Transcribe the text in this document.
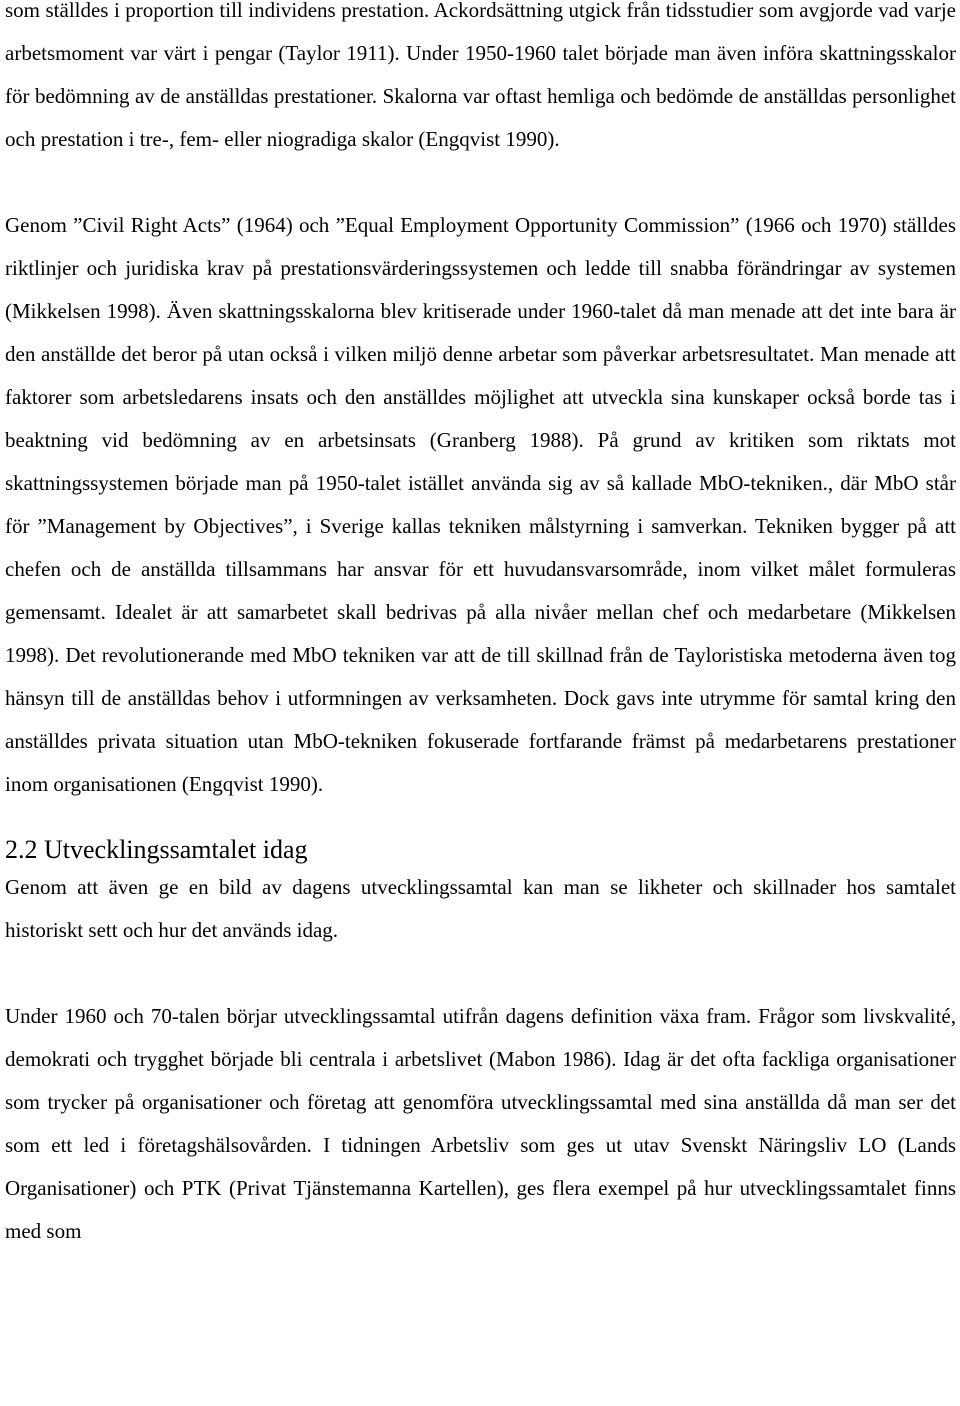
som ställdes i proportion till individens prestation. Ackordsättning utgick från tidsstudier som avgjorde vad varje arbetsmoment var värt i pengar (Taylor 1911). Under 1950-1960 talet började man även införa skattningsskalor för bedömning av de anställdas prestationer. Skalorna var oftast hemliga och bedömde de anställdas personlighet och prestation i tre-, fem- eller niogradiga skalor (Engqvist 1990).

Genom ”Civil Right Acts” (1964) och ”Equal Employment Opportunity Commission” (1966 och 1970) ställdes riktlinjer och juridiska krav på prestationsvärderingssystemen och ledde till snabba förändringar av systemen (Mikkelsen 1998). Även skattningsskalorna blev kritiserade under 1960-talet då man menade att det inte bara är den anställde det beror på utan också i vilken miljö denne arbetar som påverkar arbetsresultatet. Man menade att faktorer som arbetsledarens insats och den anställdes möjlighet att utveckla sina kunskaper också borde tas i beaktning vid bedömning av en arbetsinsats (Granberg 1988). På grund av kritiken som riktats mot skattningssystemen började man på 1950-talet istället använda sig av så kallade MbO-tekniken., där MbO står för ”Management by Objectives”, i Sverige kallas tekniken målstyrning i samverkan. Tekniken bygger på att chefen och de anställda tillsammans har ansvar för ett huvudansvarsområde, inom vilket målet formuleras gemensamt. Idealet är att samarbetet skall bedrivas på alla nivåer mellan chef och medarbetare (Mikkelsen 1998). Det revolutionerande med MbO tekniken var att de till skillnad från de Tayloristiska metoderna även tog hänsyn till de anställdas behov i utformningen av verksamheten. Dock gavs inte utrymme för samtal kring den anställdes privata situation utan MbO-tekniken fokuserade fortfarande främst på medarbetarens prestationer inom organisationen (Engqvist 1990).

2.2 Utvecklingssamtalet idag

Genom att även ge en bild av dagens utvecklingssamtal kan man se likheter och skillnader hos samtalet historiskt sett och hur det används idag.

Under 1960 och 70-talen börjar utvecklingssamtal utifrån dagens definition växa fram. Frågor som livskvalité, demokrati och trygghet började bli centrala i arbetslivet (Mabon 1986). Idag är det ofta fackliga organisationer som trycker på organisationer och företag att genomföra utvecklingssamtal med sina anställda då man ser det som ett led i företagshälsovården. I tidningen Arbetsliv som ges ut utav Svenskt Näringsliv LO (Lands Organisationer) och PTK (Privat Tjänstemanna Kartellen), ges flera exempel på hur utvecklingssamtalet finns med som
